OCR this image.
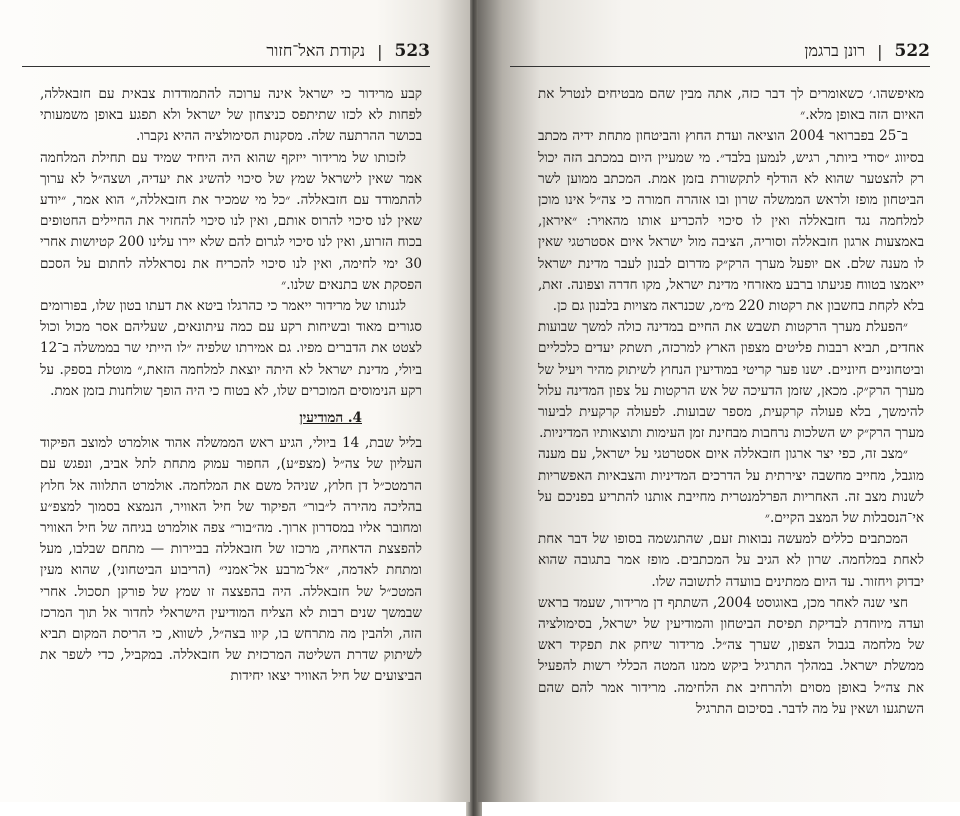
523
|
נקודת האל־חזור

קבע מרידור כי ישראל אינה ערוכה להתמודדות צבאית עם חזבאללה, לפחות לא לכזו שתיתפס כניצחון של ישראל ולא תפגע באופן משמעותי בכושר ההרתעה שלה. מסקנות הסימולציה ההיא נקברו.

לזכותו של מרידור ייזקף שהוא היה היחיד שמיד עם תחילת המלחמה אמר שאין לישראל שמץ של סיכוי להשיג את יעדיה, ושצה״ל לא ערוך להתמודד עם חזבאללה. ״כל מי שמכיר את חזבאללה,״ הוא אמר, ״יודע שאין לנו סיכוי להרוס אותם, ואין לנו סיכוי להחזיר את החיילים החטופים בכוח הזרוע, ואין לנו סיכוי לגרום להם שלא יירו עלינו 200 קטיושות אחרי 30 ימי לחימה, ואין לנו סיכוי להכריח את נסראללה לחתום על הסכם הפסקת אש בתנאים שלנו.״

לגנותו של מרידור ייאמר כי כהרגלו ביטא את דעתו בטון שלו, בפורומים סגורים מאוד ובשיחות רקע עם כמה עיתונאים, שעליהם אסר מכול וכול לצטט את הדברים מפיו. גם אמירתו שלפיה ״לו הייתי שר בממשלה ב־12 ביולי, מדינת ישראל לא היתה יוצאת למלחמה הזאת,״ מוטלת בספק. על רקע הנימוסים המוכרים שלו, לא בטוח כי היה הופך שולחנות בזמן אמת.

4. המודיעין

בליל שבת, 14 ביולי, הגיע ראש הממשלה אהוד אולמרט למוצב הפיקוד העליון של צה״ל (מצפ״ע), החפור עמוק מתחת לתל אביב, ונפגש עם הרמטכ״ל דן חלוץ, שניהל משם את המלחמה. אולמרט התלווה אל חלוץ בהליכה מהירה ל״בור״ הפיקוד של חיל האוויר, הנמצא בסמוך למצפ״ע ומחובר אליו במסדרון ארוך. מה״בור״ צפה אולמרט בגיחה של חיל האוויר להפצצת הדאחיה, מרכזו של חזבאללה בביירות — מתחם שבלבו, מעל ומתחת לאדמה, ״אל־מרבע אל־אמני״ (הריבוע הביטחוני), שהוא מעין המטכ״ל של חזבאללה. היה בהפצצה זו שמץ של פורקן תסכול. אחרי שבמשך שנים רבות לא הצליח המודיעין הישראלי לחדור אל תוך המרכז הזה, ולהבין מה מתרחש בו, קיוו בצה״ל, לשווא, כי הריסת המקום תביא לשיתוק שדרת השליטה המרכזית של חזבאללה. במקביל, כדי לשפר את הביצועים של חיל האוויר יצאו יחידות

522
|
רונן ברגמן

מאיפשהו.׳ כשאומרים לך דבר כזה, אתה מבין שהם מבטיחים לנטרל את האיום הזה באופן מלא.״

ב־25 בפברואר 2004 הוציאה ועדת החוץ והביטחון מתחת ידיה מכתב בסיווג ״סודי ביותר, רגיש, לנמען בלבד״. מי שמעיין היום במכתב הזה יכול רק להצטער שהוא לא הודלף לתקשורת בזמן אמת. המכתב ממוען לשר הביטחון מופז ולראש הממשלה שרון ובו אזהרה חמורה כי צה״ל אינו מוכן למלחמה נגד חזבאללה ואין לו סיכוי להכריע אותו מהאויר: ״איראן, באמצעות ארגון חזבאללה וסוריה, הציבה מול ישראל איום אסטרטגי שאין לו מענה שלם. אם יופעל מערך הרק״ק מדרום לבנון לעבר מדינת ישראל ייאמצו בטווח פגיעתו ברבע מאזרחי מדינת ישראל, מקו חדרה וצפונה. זאת, בלא לקחת בחשבון את רקטות 220 מ״מ, שכנראה מצויות בלבנון גם כן.

״הפעלת מערך הרקטות תשבש את החיים במדינה כולה למשך שבועות אחדים, תביא רבבות פליטים מצפון הארץ למרכזה, תשתק יעדים כלכליים וביטחוניים חיוניים. ישנו פער קריטי במודיעין הנחוץ לשיתוק מהיר ויעיל של מערך הרק״ק. מכאן, שזמן הדעיכה של אש הרקטות על צפון המדינה עלול להימשך, בלא פעולה קרקעית, מספר שבועות. לפעולה קרקעית לביעור מערך הרק״ק יש השלכות נרחבות מבחינת זמן העימות ותוצאותיו המדיניות.

״מצב זה, כפי יצר ארגון חזבאללה איום אסטרטגי על ישראל, עם מענה מוגבל, מחייב מחשבה יצירתית על הדרכים המדיניות והצבאיות האפשריות לשנות מצב זה. האחריות הפרלמנטרית מחייבת אותנו להתריע בפניכם על אי־הנסבלות של המצב הקיים.״

המכתבים כללים למעשה נבואות זעם, שהתגשמה בסופו של דבר אחת לאחת במלחמה. שרון לא הגיב על המכתבים. מופז אמר בתגובה שהוא יבדוק ויחזור. עד היום ממתינים בוועדה לתשובה שלו.

חצי שנה לאחר מכן, באוגוסט 2004, השתתף דן מרידור, שעמד בראש ועדה מיוחדת לבדיקת תפיסת הביטחון והמודיעין של ישראל, בסימולציה של מלחמה בגבול הצפון, שערך צה״ל. מרידור שיחק את תפקיד ראש ממשלת ישראל. במהלך התרגיל ביקש ממנו המטה הכללי רשות להפעיל את צה״ל באופן מסוים ולהרחיב את הלחימה. מרידור אמר להם שהם השתגעו ושאין על מה לדבר. בסיכום התרגיל
